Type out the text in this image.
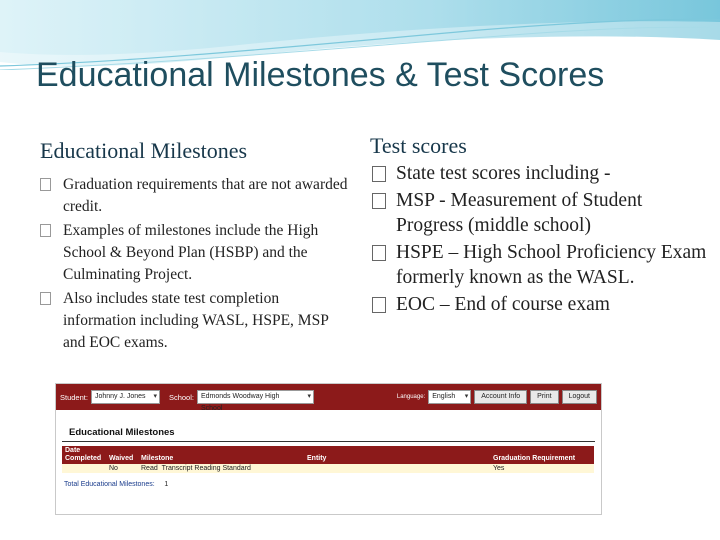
Educational Milestones & Test Scores
Educational Milestones
Graduation requirements that are not awarded credit.
Examples of milestones include the High School & Beyond Plan (HSBP) and the Culminating Project.
Also includes state test completion information including WASL, HSPE, MSP and EOC exams.
Test scores
State test scores including -
MSP - Measurement of Student Progress (middle school)
HSPE – High School Proficiency Exam formerly known as the WASL.
EOC – End of course exam
Student:	Johnny J. Jones ▾	School:	Edmonds Woodway High School ▾
Language:	English ▾	Account Info	Print	Logout
Educational Milestones
Date Completed	Waived	Milestone	Entity	Graduation Requirement
	No	Read Transcript Reading Standard		Yes
Total Educational Milestones: 1
